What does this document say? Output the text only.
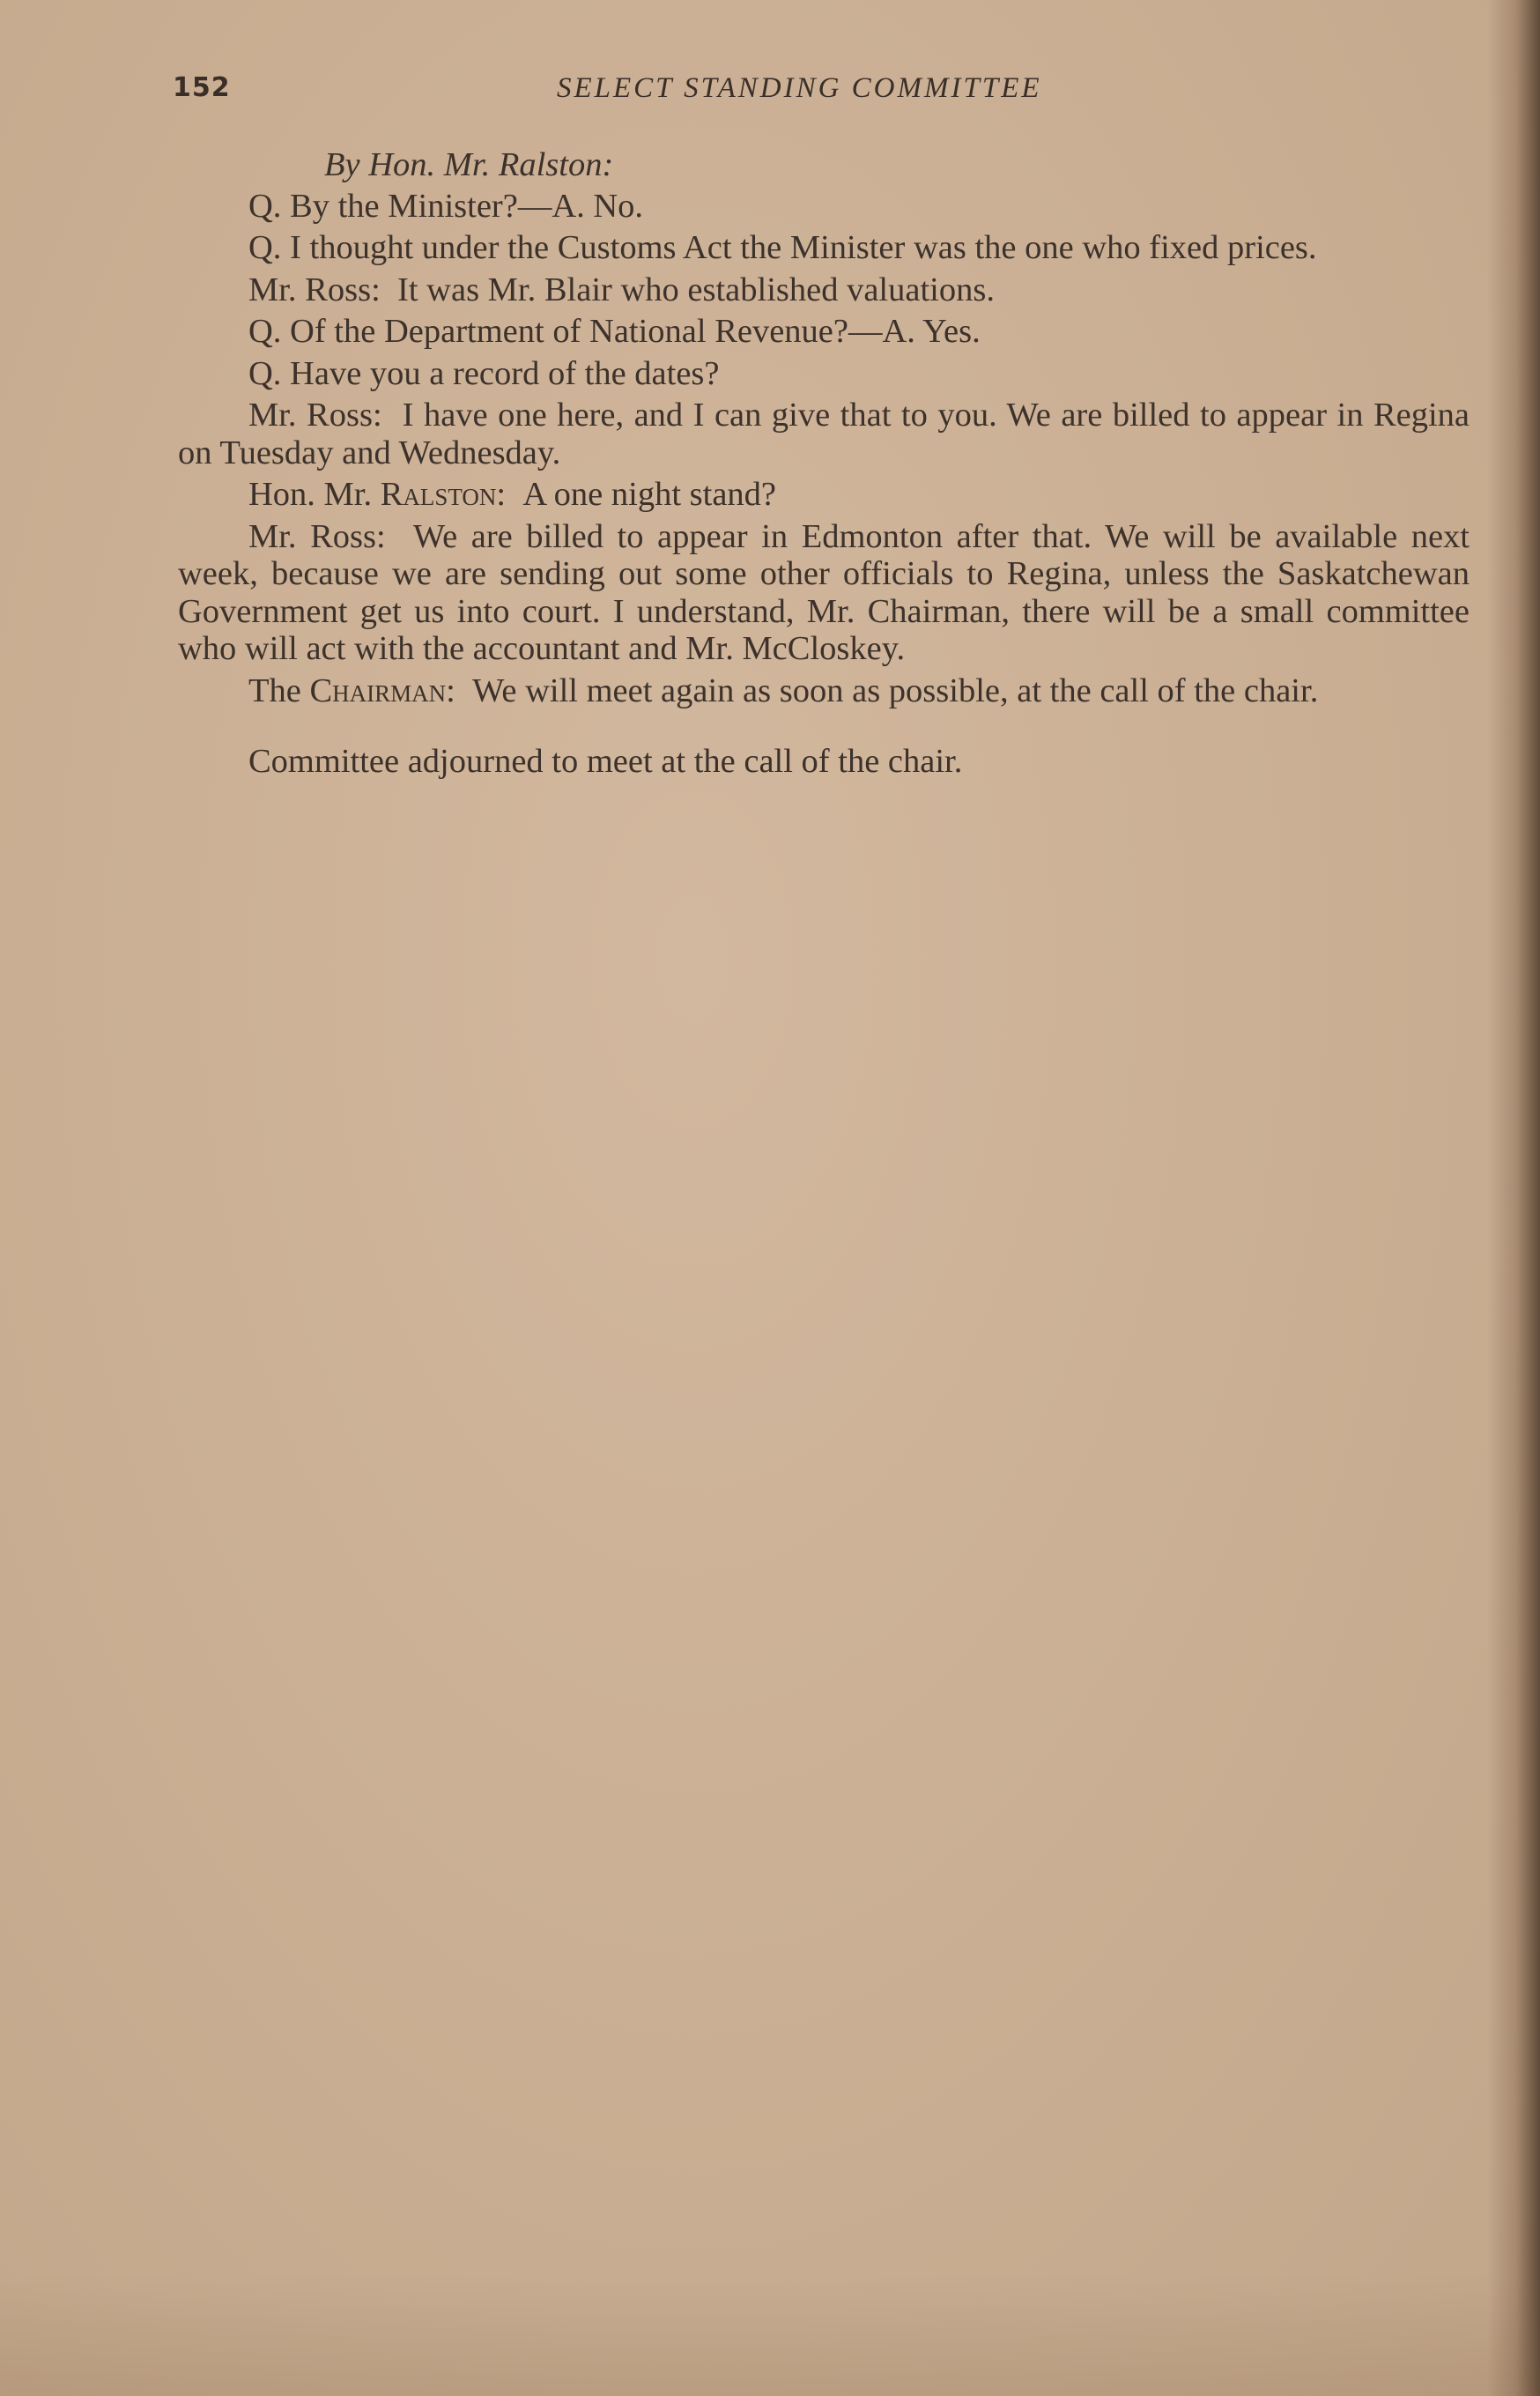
152	SELECT STANDING COMMITTEE

By Hon. Mr. Ralston:

Q. By the Minister?—A. No.

Q. I thought under the Customs Act the Minister was the one who fixed prices.

Mr. Ross: It was Mr. Blair who established valuations.

Q. Of the Department of National Revenue?—A. Yes.

Q. Have you a record of the dates?

Mr. Ross: I have one here, and I can give that to you. We are billed to appear in Regina on Tuesday and Wednesday.

Hon. Mr. Ralston: A one night stand?

Mr. Ross: We are billed to appear in Edmonton after that. We will be available next week, because we are sending out some other officials to Regina, unless the Saskatchewan Government get us into court. I understand, Mr. Chairman, there will be a small committee who will act with the accountant and Mr. McCloskey.

The Chairman: We will meet again as soon as possible, at the call of the chair.

Committee adjourned to meet at the call of the chair.
